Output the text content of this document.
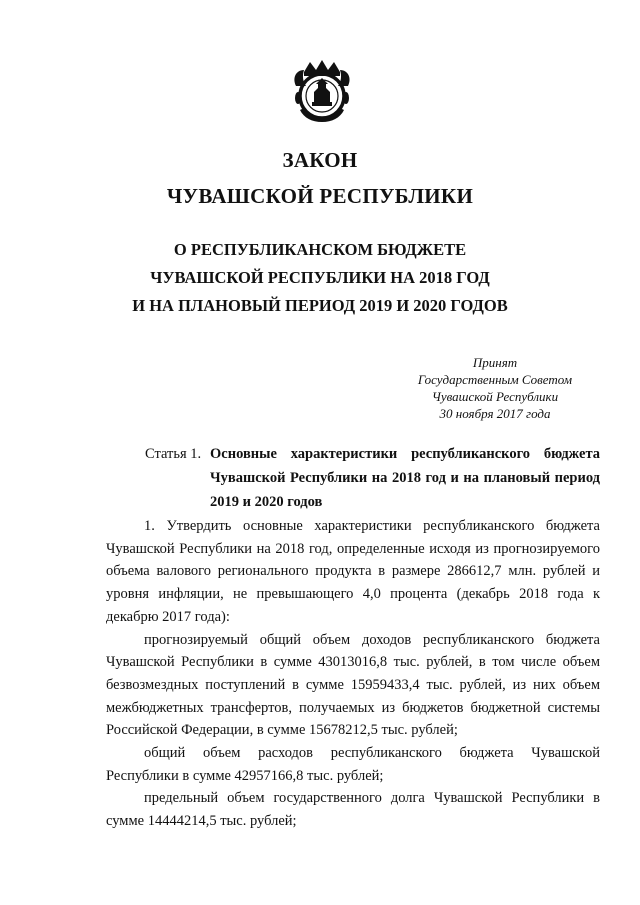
ЗАКОН
ЧУВАШСКОЙ РЕСПУБЛИКИ
О РЕСПУБЛИКАНСКОМ БЮДЖЕТЕ
ЧУВАШСКОЙ РЕСПУБЛИКИ НА 2018 ГОД
И НА ПЛАНОВЫЙ ПЕРИОД 2019 И 2020 ГОДОВ
Принят
Государственным Советом
Чувашской Республики
30 ноября 2017 года
Статья 1. Основные характеристики республиканского бюджета Чувашской Республики на 2018 год и на плановый период 2019 и 2020 годов

1. Утвердить основные характеристики республиканского бюджета Чувашской Республики на 2018 год, определенные исходя из прогнозируемого объема валового регионального продукта в размере 286612,7 млн. рублей и уровня инфляции, не превышающего 4,0 процента (декабрь 2018 года к декабрю 2017 года):

прогнозируемый общий объем доходов республиканского бюджета Чувашской Республики в сумме 43013016,8 тыс. рублей, в том числе объем безвозмездных поступлений в сумме 15959433,4 тыс. рублей, из них объем межбюджетных трансфертов, получаемых из бюджетов бюджетной системы Российской Федерации, в сумме 15678212,5 тыс. рублей;

общий объем расходов республиканского бюджета Чувашской Республики в сумме 42957166,8 тыс. рублей;

предельный объем государственного долга Чувашской Республики в сумме 14444214,5 тыс. рублей;
